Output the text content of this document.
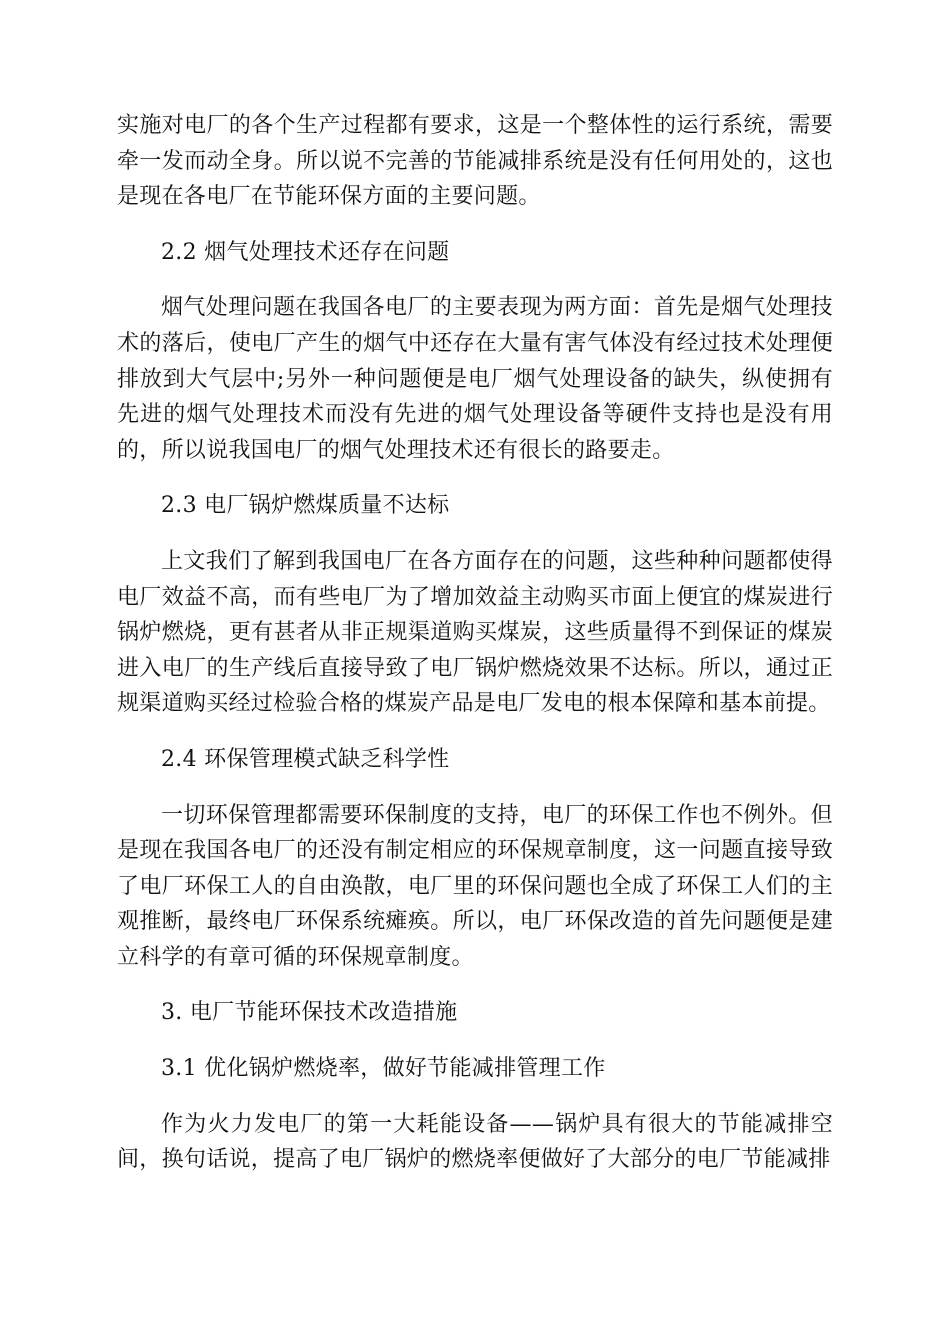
实施对电厂的各个生产过程都有要求，这是一个整体性的运行系统，需要牵一发而动全身。所以说不完善的节能减排系统是没有任何用处的，这也是现在各电厂在节能环保方面的主要问题。

2.2 烟气处理技术还存在问题

烟气处理问题在我国各电厂的主要表现为两方面：首先是烟气处理技术的落后，使电厂产生的烟气中还存在大量有害气体没有经过技术处理便排放到大气层中;另外一种问题便是电厂烟气处理设备的缺失，纵使拥有先进的烟气处理技术而没有先进的烟气处理设备等硬件支持也是没有用的，所以说我国电厂的烟气处理技术还有很长的路要走。

2.3 电厂锅炉燃煤质量不达标

上文我们了解到我国电厂在各方面存在的问题，这些种种问题都使得电厂效益不高，而有些电厂为了增加效益主动购买市面上便宜的煤炭进行锅炉燃烧，更有甚者从非正规渠道购买煤炭，这些质量得不到保证的煤炭进入电厂的生产线后直接导致了电厂锅炉燃烧效果不达标。所以，通过正规渠道购买经过检验合格的煤炭产品是电厂发电的根本保障和基本前提。

2.4 环保管理模式缺乏科学性

一切环保管理都需要环保制度的支持，电厂的环保工作也不例外。但是现在我国各电厂的还没有制定相应的环保规章制度，这一问题直接导致了电厂环保工人的自由涣散，电厂里的环保问题也全成了环保工人们的主观推断，最终电厂环保系统瘫痪。所以，电厂环保改造的首先问题便是建立科学的有章可循的环保规章制度。

3. 电厂节能环保技术改造措施

3.1 优化锅炉燃烧率，做好节能减排管理工作

作为火力发电厂的第一大耗能设备——锅炉具有很大的节能减排空间，换句话说，提高了电厂锅炉的燃烧率便做好了大部分的电厂节能减排
